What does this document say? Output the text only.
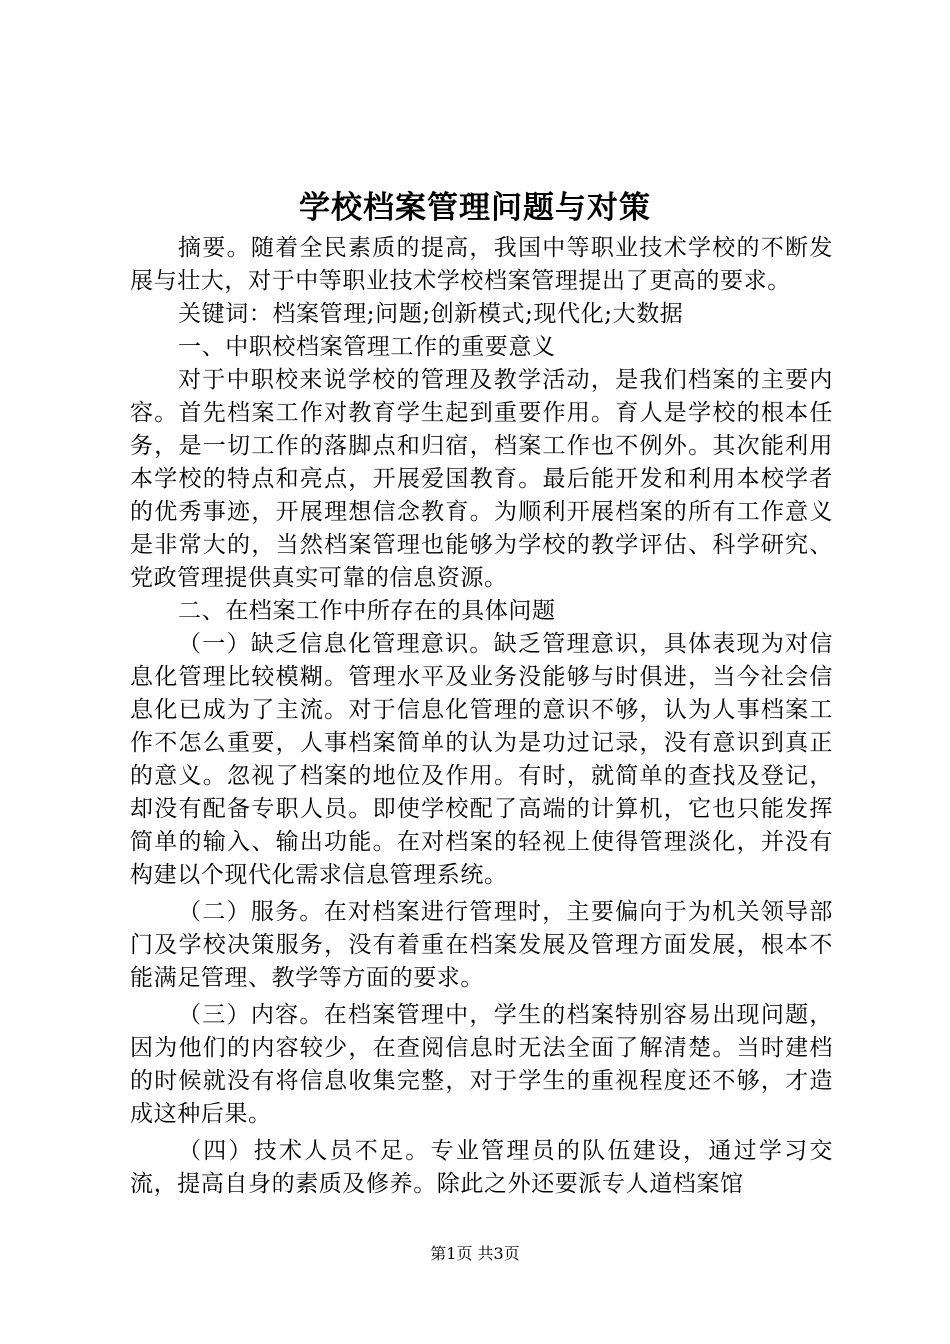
学校档案管理问题与对策

摘要。随着全民素质的提高，我国中等职业技术学校的不断发展与壮大，对于中等职业技术学校档案管理提出了更高的要求。

关键词：档案管理;问题;创新模式;现代化;大数据

一、中职校档案管理工作的重要意义

对于中职校来说学校的管理及教学活动，是我们档案的主要内容。首先档案工作对教育学生起到重要作用。育人是学校的根本任务，是一切工作的落脚点和归宿，档案工作也不例外。其次能利用本学校的特点和亮点，开展爱国教育。最后能开发和利用本校学者的优秀事迹，开展理想信念教育。为顺利开展档案的所有工作意义是非常大的，当然档案管理也能够为学校的教学评估、科学研究、党政管理提供真实可靠的信息资源。

二、在档案工作中所存在的具体问题

（一）缺乏信息化管理意识。缺乏管理意识，具体表现为对信息化管理比较模糊。管理水平及业务没能够与时俱进，当今社会信息化已成为了主流。对于信息化管理的意识不够，认为人事档案工作不怎么重要，人事档案简单的认为是功过记录，没有意识到真正的意义。忽视了档案的地位及作用。有时，就简单的查找及登记，却没有配备专职人员。即使学校配了高端的计算机，它也只能发挥简单的输入、输出功能。在对档案的轻视上使得管理淡化，并没有构建以个现代化需求信息管理系统。

（二）服务。在对档案进行管理时，主要偏向于为机关领导部门及学校决策服务，没有着重在档案发展及管理方面发展，根本不能满足管理、教学等方面的要求。

（三）内容。在档案管理中，学生的档案特别容易出现问题，因为他们的内容较少，在查阅信息时无法全面了解清楚。当时建档的时候就没有将信息收集完整，对于学生的重视程度还不够，才造成这种后果。

（四）技术人员不足。专业管理员的队伍建设，通过学习交流，提高自身的素质及修养。除此之外还要派专人道档案馆

第1页 共3页
